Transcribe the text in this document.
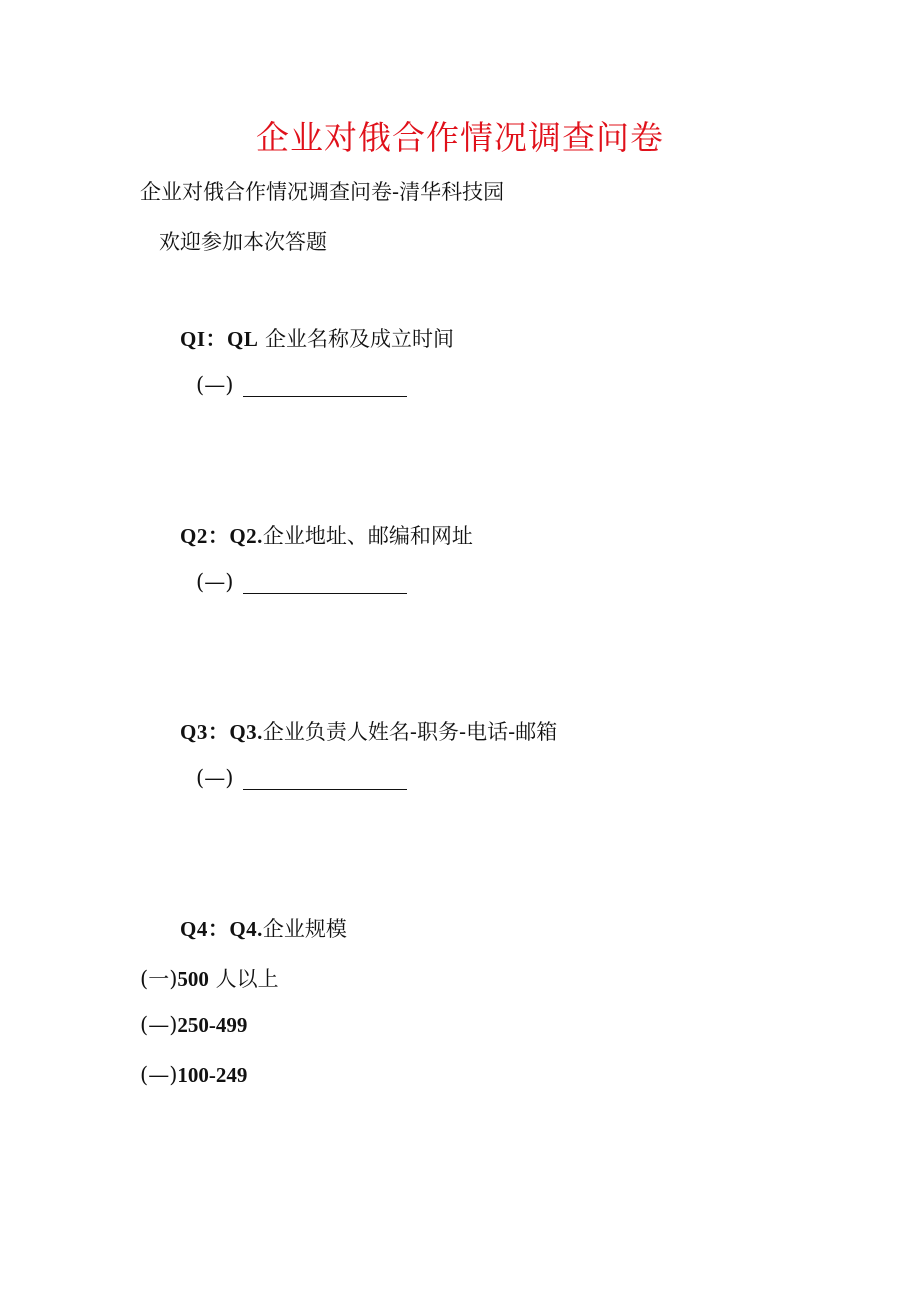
企业对俄合作情况调查问卷
企业对俄合作情况调查问卷-清华科技园
欢迎参加本次答题
QI：QL 企业名称及成立时间
(—)
Q2：Q2.企业地址、邮编和网址
(—)
Q3：Q3.企业负责人姓名-职务-电话-邮箱
(—)
Q4：Q4.企业规模
(一)500 人以上
(—)250-499
(—)100-249
